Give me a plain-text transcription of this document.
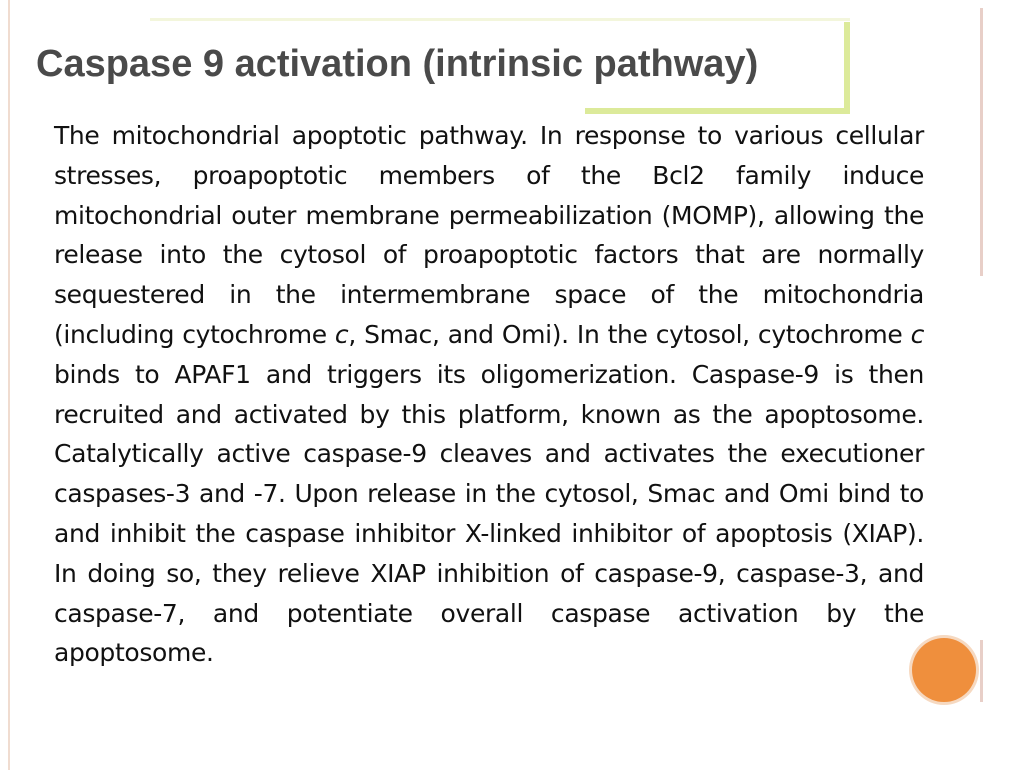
Caspase 9 activation (intrinsic pathway)

The mitochondrial apoptotic pathway. In response to various cellular stresses, proapoptotic members of the Bcl2 family induce mitochondrial outer membrane permeabilization (MOMP), allowing the release into the cytosol of proapoptotic factors that are normally sequestered in the intermembrane space of the mitochondria (including cytochrome c, Smac, and Omi). In the cytosol, cytochrome c binds to APAF1 and triggers its oligomerization. Caspase-9 is then recruited and activated by this platform, known as the apoptosome. Catalytically active caspase-9 cleaves and activates the executioner caspases-3 and -7. Upon release in the cytosol, Smac and Omi bind to and inhibit the caspase inhibitor X-linked inhibitor of apoptosis (XIAP). In doing so, they relieve XIAP inhibition of caspase-9, caspase-3, and caspase-7, and potentiate overall caspase activation by the apoptosome.
